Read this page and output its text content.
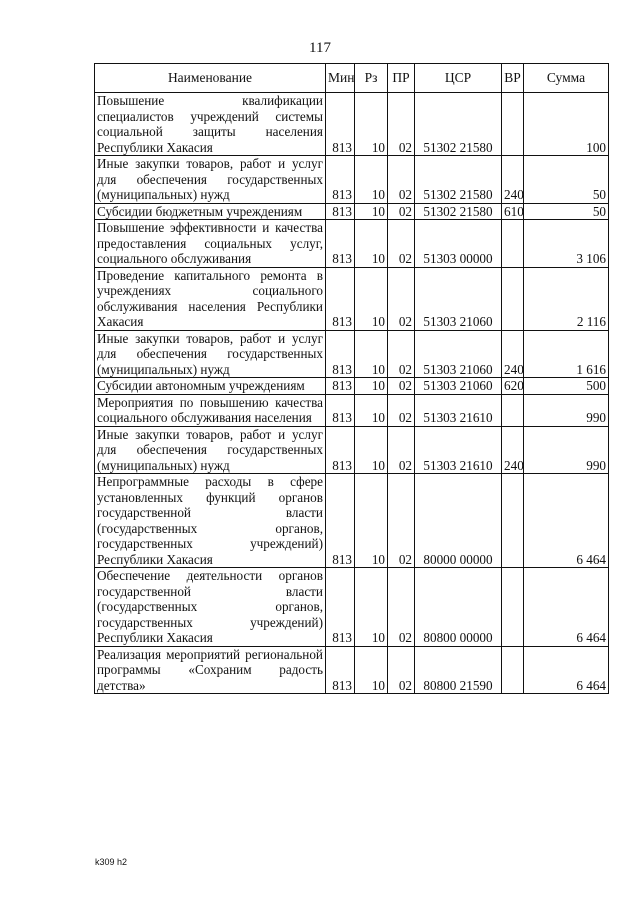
117
Наименование	Мин	Рз	ПР	ЦСР	ВР	Сумма
Повышение квалификации специалистов учреждений системы социальной защиты населения Республики Хакасия	813	10	02	51302 21580		100
Иные закупки товаров, работ и услуг для обеспечения государственных (муниципальных) нужд	813	10	02	51302 21580	240	50
Субсидии бюджетным учреждениям	813	10	02	51302 21580	610	50
Повышение эффективности и качества предоставления социальных услуг, социального обслуживания	813	10	02	51303 00000		3 106
Проведение капитального ремонта в учреждениях социального обслуживания населения Республики Хакасия	813	10	02	51303 21060		2 116
Иные закупки товаров, работ и услуг для обеспечения государственных (муниципальных) нужд	813	10	02	51303 21060	240	1 616
Субсидии автономным учреждениям	813	10	02	51303 21060	620	500
Мероприятия по повышению качества социального обслуживания населения	813	10	02	51303 21610		990
Иные закупки товаров, работ и услуг для обеспечения государственных (муниципальных) нужд	813	10	02	51303 21610	240	990
Непрограммные расходы в сфере установленных функций органов государственной власти (государственных органов, государственных учреждений) Республики Хакасия	813	10	02	80000 00000		6 464
Обеспечение деятельности органов государственной власти (государственных органов, государственных учреждений) Республики Хакасия	813	10	02	80800 00000		6 464
Реализация мероприятий региональной программы «Сохраним радость детства»	813	10	02	80800 21590		6 464
k309 h2
